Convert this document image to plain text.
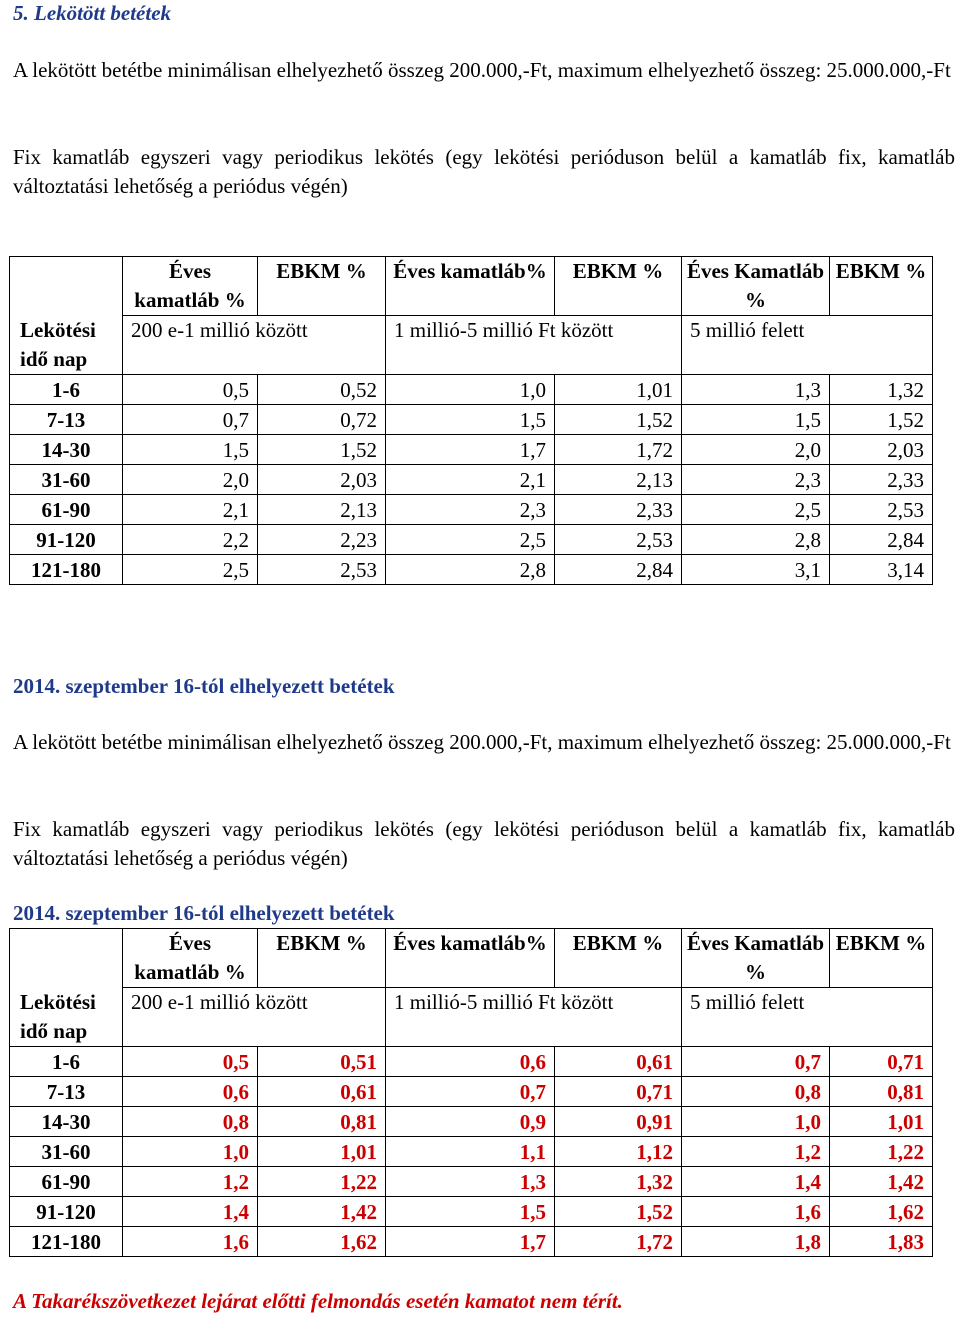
5. Lekötött betétek
A lekötött betétbe minimálisan elhelyezhető összeg 200.000,-Ft, maximum elhelyezhető összeg: 25.000.000,-Ft
Fix kamatláb egyszeri vagy periodikus lekötés (egy lekötési perióduson belül a kamatláb fix, kamatláb változtatási lehetőség a periódus végén)
	Éves kamatláb %	EBKM %	Éves kamatláb%	EBKM %	Éves Kamatláb %	EBKM %
Lekötési idő nap	200 e-1 millió között		1 millió-5 millió Ft között		5 millió felett	
1-6	0,5	0,52	1,0	1,01	1,3	1,32
7-13	0,7	0,72	1,5	1,52	1,5	1,52
14-30	1,5	1,52	1,7	1,72	2,0	2,03
31-60	2,0	2,03	2,1	2,13	2,3	2,33
61-90	2,1	2,13	2,3	2,33	2,5	2,53
91-120	2,2	2,23	2,5	2,53	2,8	2,84
121-180	2,5	2,53	2,8	2,84	3,1	3,14
2014. szeptember 16-tól elhelyezett betétek
A lekötött betétbe minimálisan elhelyezhető összeg 200.000,-Ft, maximum elhelyezhető összeg: 25.000.000,-Ft
Fix kamatláb egyszeri vagy periodikus lekötés (egy lekötési perióduson belül a kamatláb fix, kamatláb változtatási lehetőség a periódus végén)
2014. szeptember 16-tól elhelyezett betétek
	Éves kamatláb %	EBKM %	Éves kamatláb%	EBKM %	Éves Kamatláb %	EBKM %
Lekötési idő nap	200 e-1 millió között		1 millió-5 millió Ft között		5 millió felett	
1-6	0,5	0,51	0,6	0,61	0,7	0,71
7-13	0,6	0,61	0,7	0,71	0,8	0,81
14-30	0,8	0,81	0,9	0,91	1,0	1,01
31-60	1,0	1,01	1,1	1,12	1,2	1,22
61-90	1,2	1,22	1,3	1,32	1,4	1,42
91-120	1,4	1,42	1,5	1,52	1,6	1,62
121-180	1,6	1,62	1,7	1,72	1,8	1,83
A Takarékszövetkezet lejárat előtti felmondás esetén kamatot nem térít.
